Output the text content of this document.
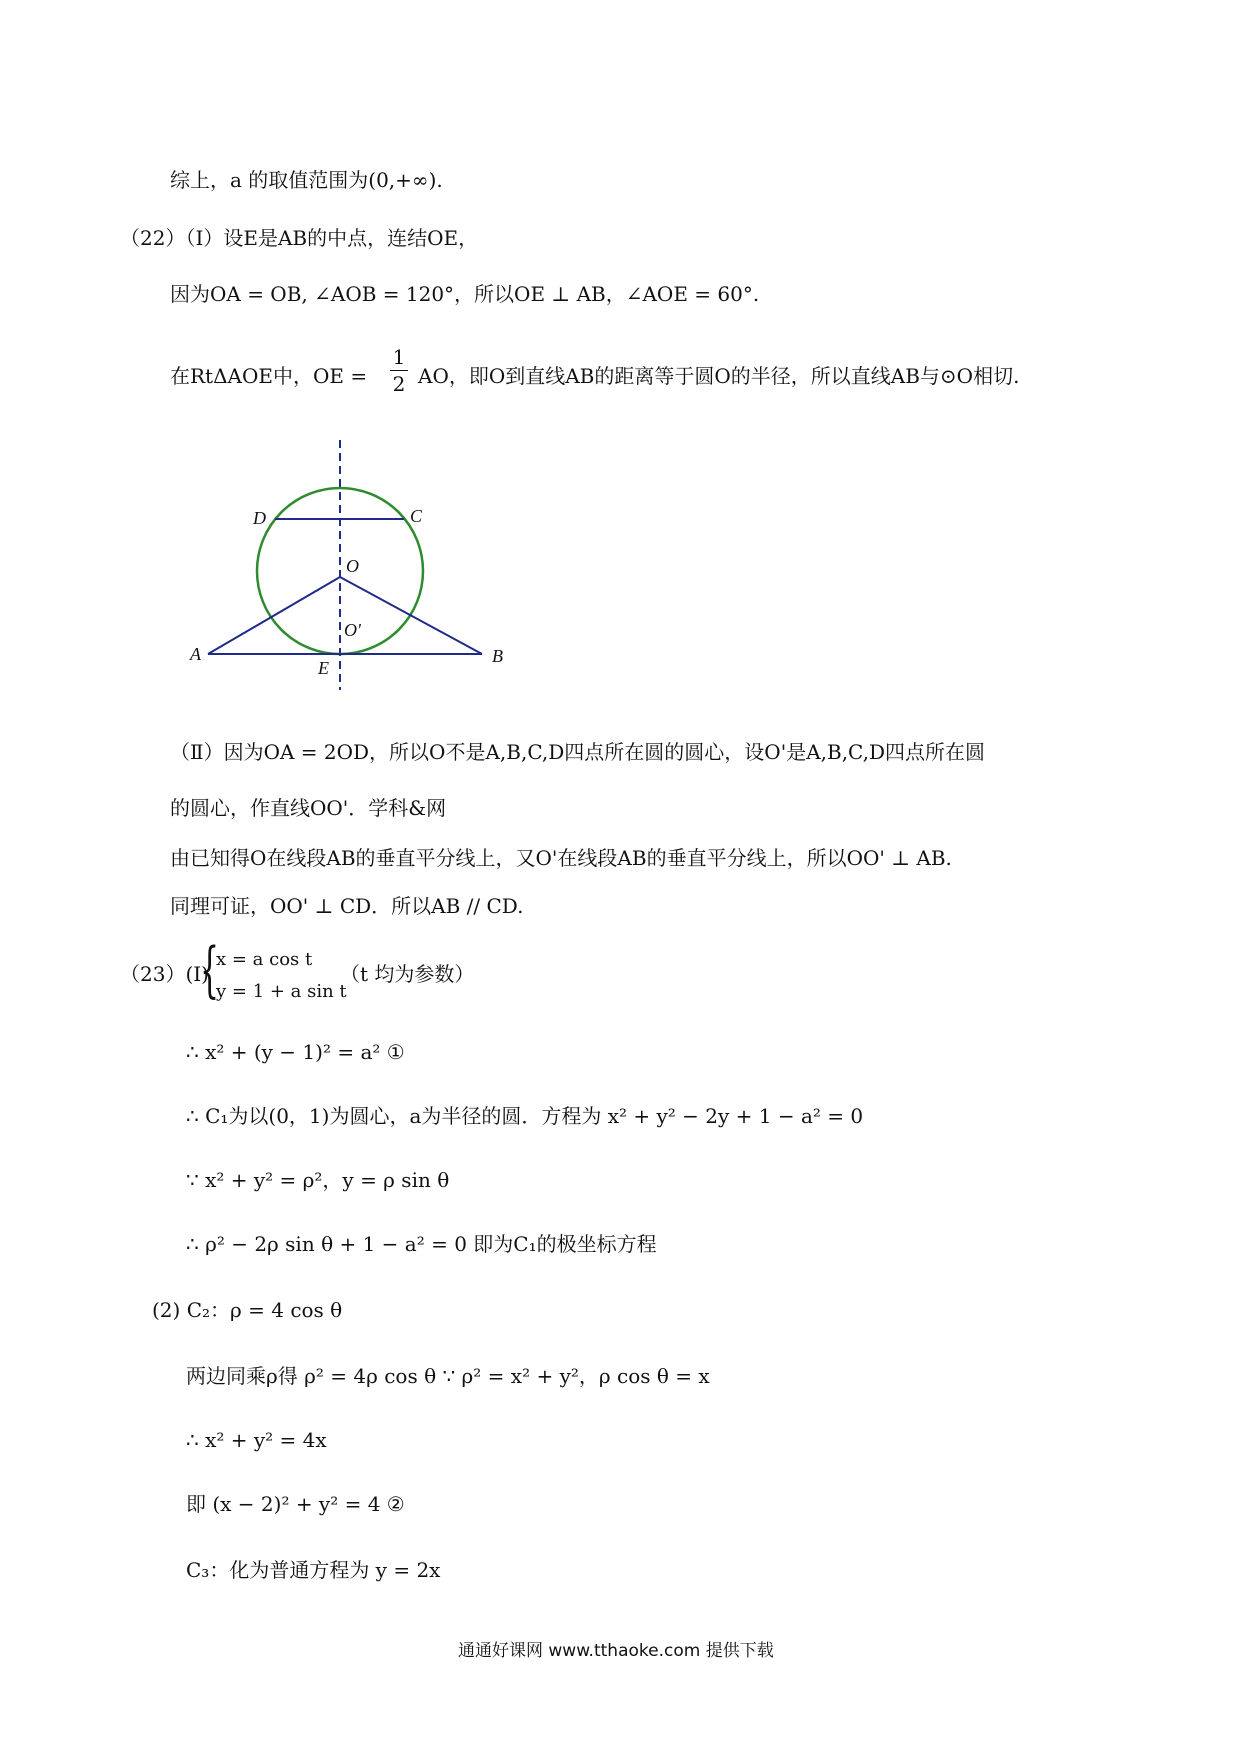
综上，a 的取值范围为(0,+∞).
（22）（Ⅰ）设E是AB的中点，连结OE，
因为OA = OB, ∠AOB = 120°，所以OE ⊥ AB，∠AOE = 60°.
在RtΔAOE中，OE =
1
2 AO，即O到直线AB的距离等于圆O的半径，所以直线AB与⊙O相切.
D	C
O
O'
A
E
B
（Ⅱ）因为OA = 2OD，所以O不是A,B,C,D四点所在圆的圆心，设O'是A,B,C,D四点所在圆
的圆心，作直线OO'．学科&网
由已知得O在线段AB的垂直平分线上，又O'在线段AB的垂直平分线上，所以OO' ⊥ AB.
同理可证，OO' ⊥ CD．所以AB // CD.
（23）(Ⅰ)
{
x = a cos t
y = 1 + a sin t
（t 均为参数）
∴ x² + (y − 1)² = a² ①
∴ C₁为以(0，1)为圆心，a为半径的圆．方程为 x² + y² − 2y + 1 − a² = 0
∵ x² + y² = ρ²，y = ρ sin θ
∴ ρ² − 2ρ sin θ + 1 − a² = 0 即为C₁的极坐标方程
(2) C₂：ρ = 4 cos θ
两边同乘ρ得 ρ² = 4ρ cos θ ∵ ρ² = x² + y²，ρ cos θ = x
∴ x² + y² = 4x
即 (x − 2)² + y² = 4 ②
C₃：化为普通方程为 y = 2x
通通好课网 www.tthaoke.com 提供下载
